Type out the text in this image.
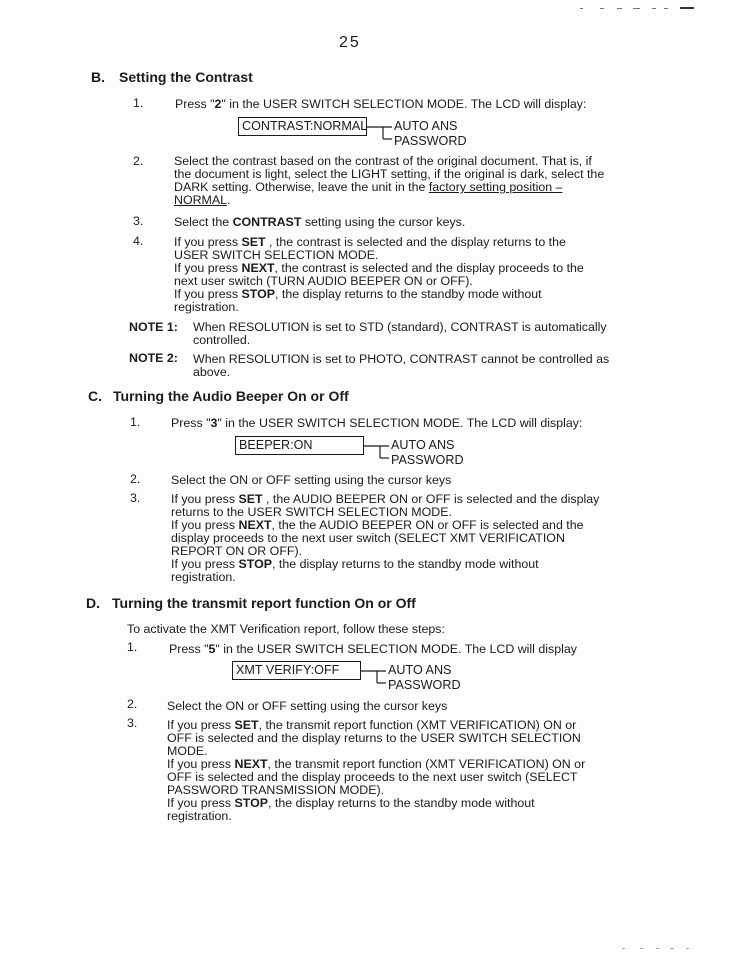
25
B. Setting the Contrast
1.	Press "2" in the USER SWITCH SELECTION MODE. The LCD will display:
CONTRAST:NORMAL AUTO ANS
PASSWORD
2. Select the contrast based on the contrast of the original document. That is, if
the document is light, select the LIGHT setting, if the original is dark, select the
DARK setting. Otherwise, leave the unit in the factory setting position –
NORMAL.
3. Select the CONTRAST setting using the cursor keys.
4. If you press SET , the contrast is selected and the display returns to the
USER SWITCH SELECTION MODE.
If you press NEXT, the contrast is selected and the display proceeds to the
next user switch (TURN AUDIO BEEPER ON or OFF).
If you press STOP, the display returns to the standby mode without
registration.
NOTE 1: When RESOLUTION is set to STD (standard), CONTRAST is automatically
controlled.
NOTE 2: When RESOLUTION is set to PHOTO, CONTRAST cannot be controlled as
above.
C. Turning the Audio Beeper On or Off
1. Press "3" in the USER SWITCH SELECTION MODE. The LCD will display:
BEEPER:ON	AUTO ANS
PASSWORD
2. Select the ON or OFF setting using the cursor keys
3. If you press SET , the AUDIO BEEPER ON or OFF is selected and the display
returns to the USER SWITCH SELECTION MODE.
If you press NEXT, the the AUDIO BEEPER ON or OFF is selected and the
display proceeds to the next user switch (SELECT XMT VERIFICATION
REPORT ON OR OFF).
If you press STOP, the display returns to the standby mode without
registration.
D. Turning the transmit report function On or Off
To activate the XMT Verification report, follow these steps:
1.	Press "5" in the USER SWITCH SELECTION MODE. The LCD will display
XMT VERIFY:OFF	AUTO ANS
PASSWORD
2. Select the ON or OFF setting using the cursor keys
3. If you press SET, the transmit report function (XMT VERIFICATION) ON or
OFF is selected and the display returns to the USER SWITCH SELECTION
MODE.
If you press NEXT, the transmit report function (XMT VERIFICATION) ON or
OFF is selected and the display proceeds to the next user switch (SELECT
PASSWORD TRANSMISSION MODE).
If you press STOP, the display returns to the standby mode without
registration.
